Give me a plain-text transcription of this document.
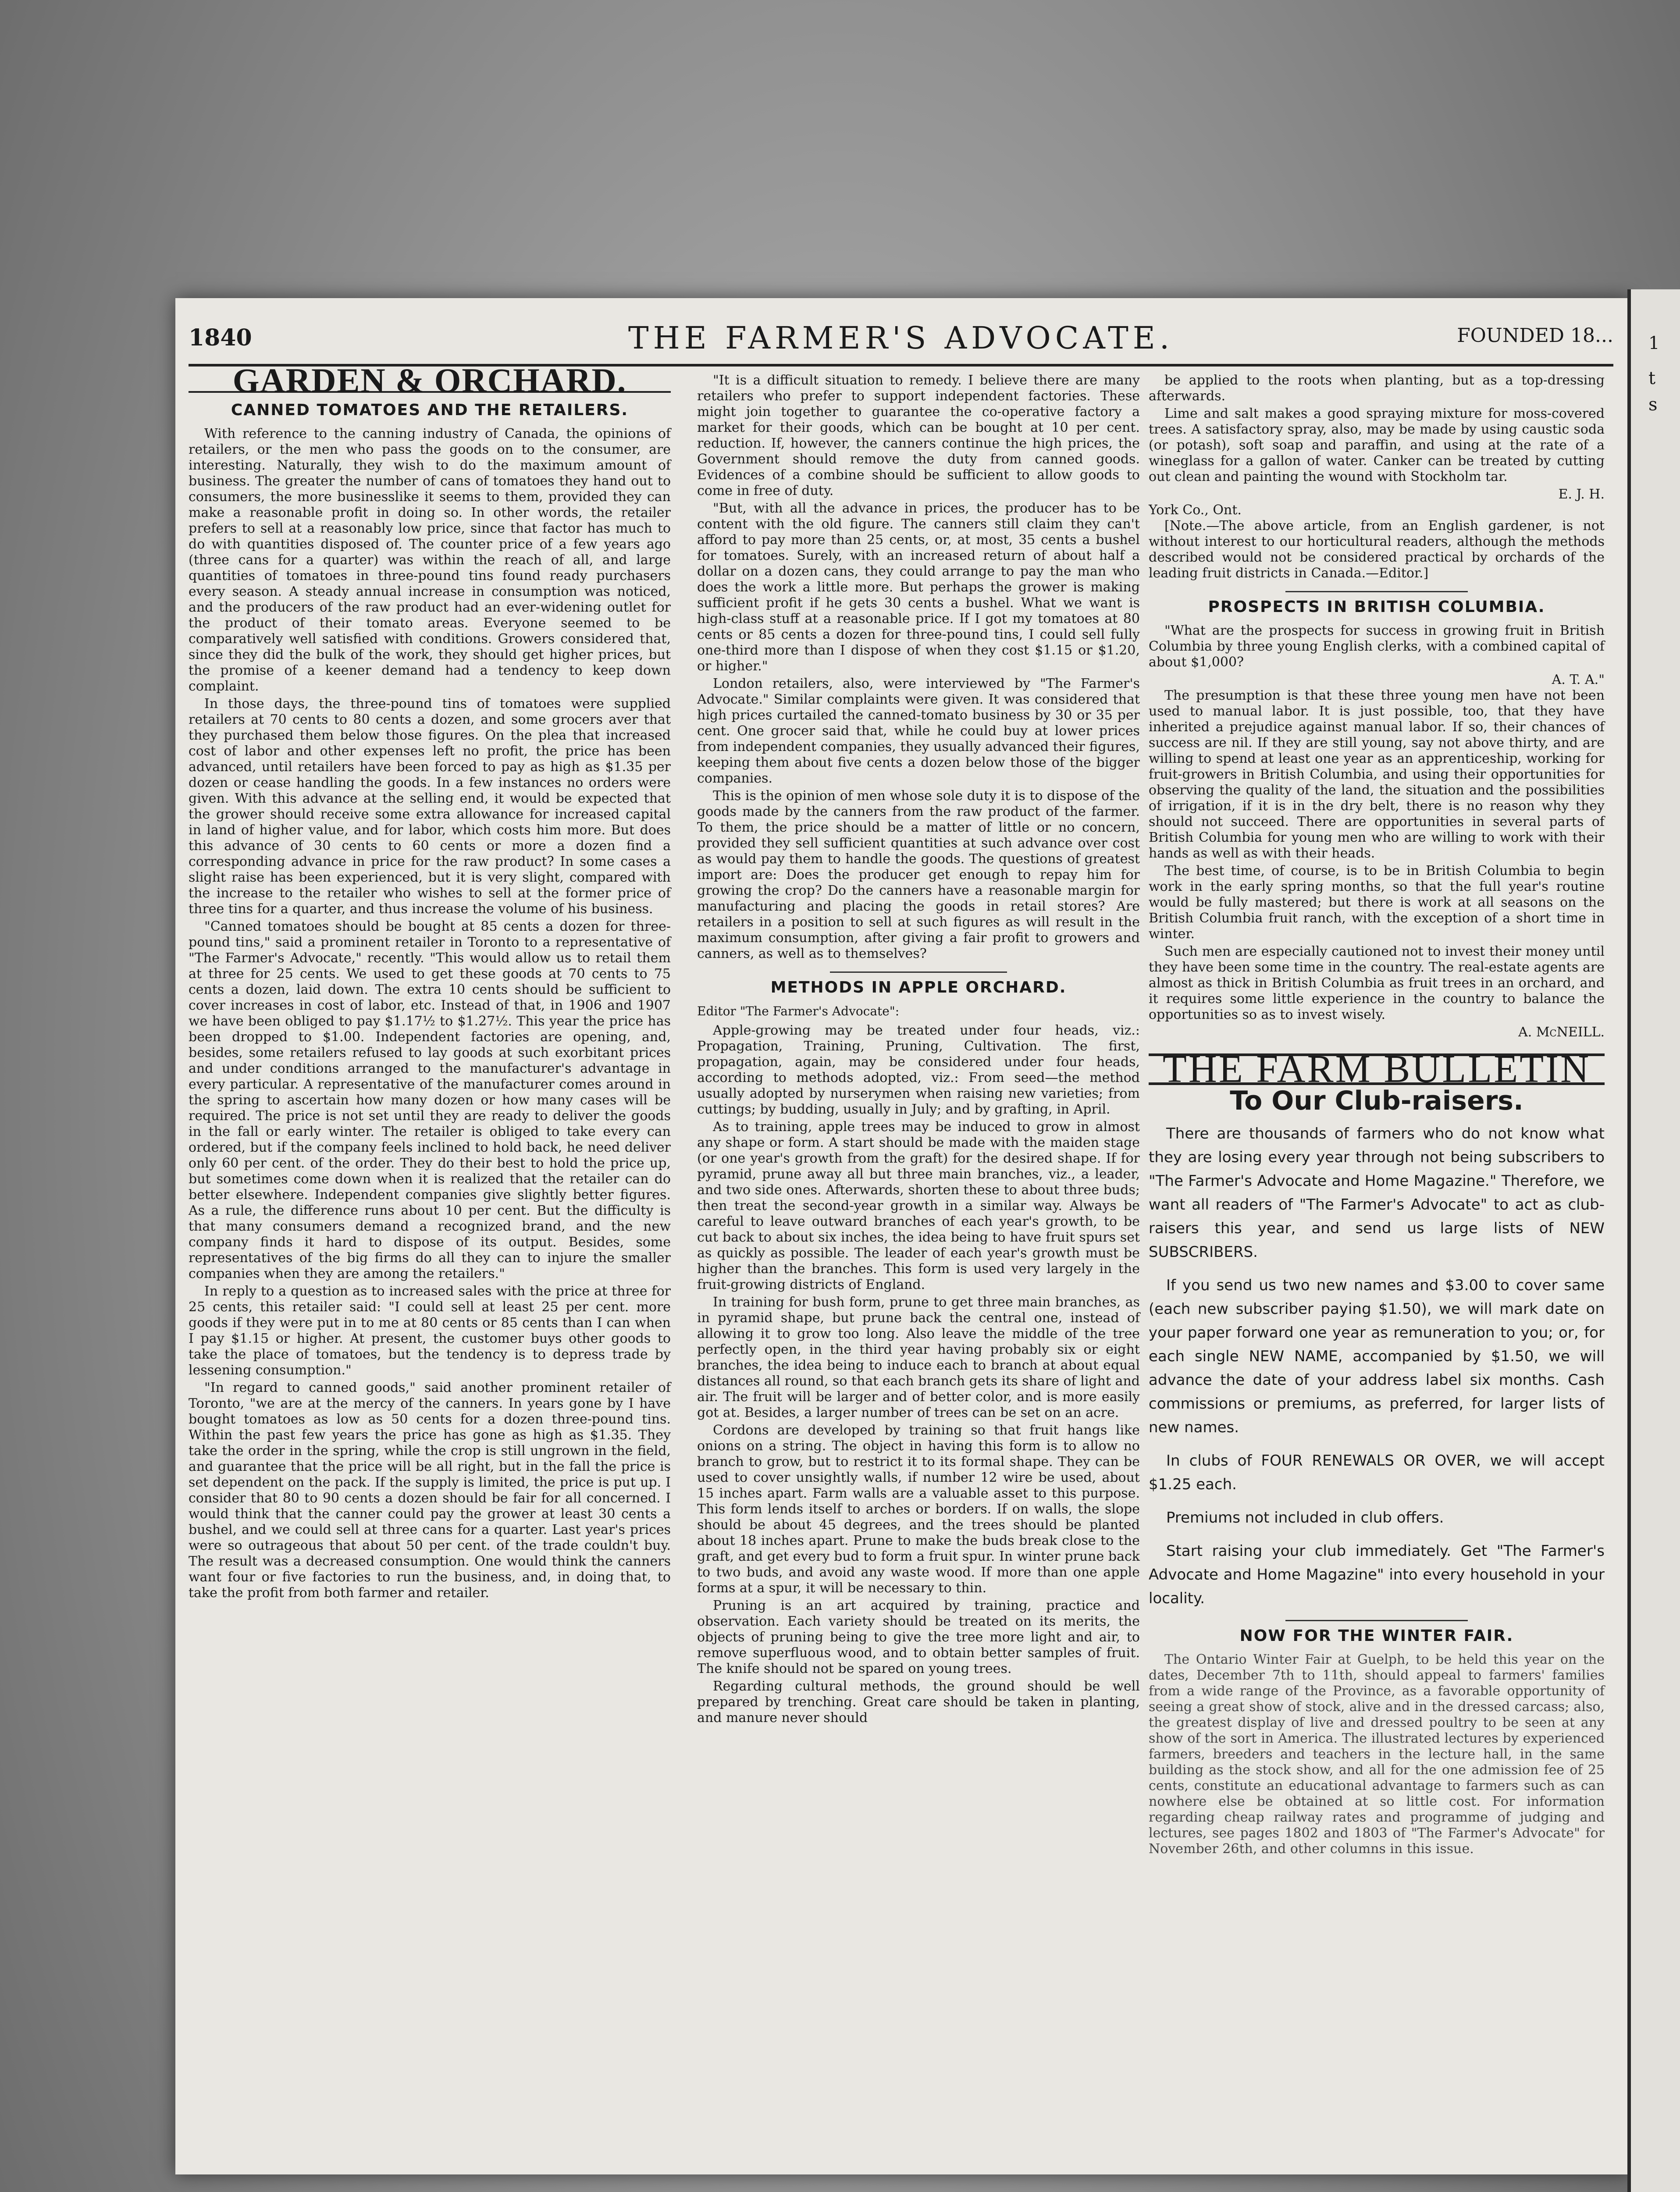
1
t
s
1840	THE FARMER'S ADVOCATE.	FOUNDED 18...
GARDEN & ORCHARD.
CANNED TOMATOES AND THE RETAILERS.

With reference to the canning industry of Canada, the opinions of retailers, or the men who pass the goods on to the consumer, are interesting. Naturally, they wish to do the maximum amount of business. The greater the number of cans of tomatoes they hand out to consumers, the more businesslike it seems to them, provided they can make a reasonable profit in doing so. In other words, the retailer prefers to sell at a reasonably low price, since that factor has much to do with quantities disposed of. The counter price of a few years ago (three cans for a quarter) was within the reach of all, and large quantities of tomatoes in three-pound tins found ready purchasers every season. A steady annual increase in consumption was noticed, and the producers of the raw product had an ever-widening outlet for the product of their tomato areas. Everyone seemed to be comparatively well satisfied with conditions. Growers considered that, since they did the bulk of the work, they should get higher prices, but the promise of a keener demand had a tendency to keep down complaint.

In those days, the three-pound tins of tomatoes were supplied retailers at 70 cents to 80 cents a dozen, and some grocers aver that they purchased them below those figures. On the plea that increased cost of labor and other expenses left no profit, the price has been advanced, until retailers have been forced to pay as high as $1.35 per dozen or cease handling the goods. In a few instances no orders were given. With this advance at the selling end, it would be expected that the grower should receive some extra allowance for increased capital in land of higher value, and for labor, which costs him more. But does this advance of 30 cents to 60 cents or more a dozen find a corresponding advance in price for the raw product? In some cases a slight raise has been experienced, but it is very slight, compared with the increase to the retailer who wishes to sell at the former price of three tins for a quarter, and thus increase the volume of his business.

"Canned tomatoes should be bought at 85 cents a dozen for three-pound tins," said a prominent retailer in Toronto to a representative of "The Farmer's Advocate," recently. "This would allow us to retail them at three for 25 cents. We used to get these goods at 70 cents to 75 cents a dozen, laid down. The extra 10 cents should be sufficient to cover increases in cost of labor, etc. Instead of that, in 1906 and 1907 we have been obliged to pay $1.17½ to $1.27½. This year the price has been dropped to $1.00. Independent factories are opening, and, besides, some retailers refused to lay goods at such exorbitant prices and under conditions arranged to the manufacturer's advantage in every particular. A representative of the manufacturer comes around in the spring to ascertain how many dozen or how many cases will be required. The price is not set until they are ready to deliver the goods in the fall or early winter. The retailer is obliged to take every can ordered, but if the company feels inclined to hold back, he need deliver only 60 per cent. of the order. They do their best to hold the price up, but sometimes come down when it is realized that the retailer can do better elsewhere. Independent companies give slightly better figures. As a rule, the difference runs about 10 per cent. But the difficulty is that many consumers demand a recognized brand, and the new company finds it hard to dispose of its output. Besides, some representatives of the big firms do all they can to injure the smaller companies when they are among the retailers."

In reply to a question as to increased sales with the price at three for 25 cents, this retailer said: "I could sell at least 25 per cent. more goods if they were put in to me at 80 cents or 85 cents than I can when I pay $1.15 or higher. At present, the customer buys other goods to take the place of tomatoes, but the tendency is to depress trade by lessening consumption."

"In regard to canned goods," said another prominent retailer of Toronto, "we are at the mercy of the canners. In years gone by I have bought tomatoes as low as 50 cents for a dozen three-pound tins. Within the past few years the price has gone as high as $1.35. They take the order in the spring, while the crop is still ungrown in the field, and guarantee that the price will be all right, but in the fall the price is set dependent on the pack. If the supply is limited, the price is put up. I consider that 80 to 90 cents a dozen should be fair for all concerned. I would think that the canner could pay the grower at least 30 cents a bushel, and we could sell at three cans for a quarter. Last year's prices were so outrageous that about 50 per cent. of the trade couldn't buy. The result was a decreased consumption. One would think the canners want four or five factories to run the business, and, in doing that, to take the profit from both farmer and retailer.

"It is a difficult situation to remedy. I believe there are many retailers who prefer to support independent factories. These might join together to guarantee the co-operative factory a market for their goods, which can be bought at 10 per cent. reduction. If, however, the canners continue the high prices, the Government should remove the duty from canned goods. Evidences of a combine should be sufficient to allow goods to come in free of duty.

"But, with all the advance in prices, the producer has to be content with the old figure. The canners still claim they can't afford to pay more than 25 cents, or, at most, 35 cents a bushel for tomatoes. Surely, with an increased return of about half a dollar on a dozen cans, they could arrange to pay the man who does the work a little more. But perhaps the grower is making sufficient profit if he gets 30 cents a bushel. What we want is high-class stuff at a reasonable price. If I got my tomatoes at 80 cents or 85 cents a dozen for three-pound tins, I could sell fully one-third more than I dispose of when they cost $1.15 or $1.20, or higher."

London retailers, also, were interviewed by "The Farmer's Advocate." Similar complaints were given. It was considered that high prices curtailed the canned-tomato business by 30 or 35 per cent. One grocer said that, while he could buy at lower prices from independent companies, they usually advanced their figures, keeping them about five cents a dozen below those of the bigger companies.

This is the opinion of men whose sole duty it is to dispose of the goods made by the canners from the raw product of the farmer. To them, the price should be a matter of little or no concern, provided they sell sufficient quantities at such advance over cost as would pay them to handle the goods. The questions of greatest import are: Does the producer get enough to repay him for growing the crop? Do the canners have a reasonable margin for manufacturing and placing the goods in retail stores? Are retailers in a position to sell at such figures as will result in the maximum consumption, after giving a fair profit to growers and canners, as well as to themselves?

METHODS IN APPLE ORCHARD.
Editor "The Farmer's Advocate":

Apple-growing may be treated under four heads, viz.: Propagation, Training, Pruning, Cultivation. The first, propagation, again, may be considered under four heads, according to methods adopted, viz.: From seed—the method usually adopted by nurserymen when raising new varieties; from cuttings; by budding, usually in July; and by grafting, in April.

As to training, apple trees may be induced to grow in almost any shape or form. A start should be made with the maiden stage (or one year's growth from the graft) for the desired shape. If for pyramid, prune away all but three main branches, viz., a leader, and two side ones. Afterwards, shorten these to about three buds; then treat the second-year growth in a similar way. Always be careful to leave outward branches of each year's growth, to be cut back to about six inches, the idea being to have fruit spurs set as quickly as possible. The leader of each year's growth must be higher than the branches. This form is used very largely in the fruit-growing districts of England.

In training for bush form, prune to get three main branches, as in pyramid shape, but prune back the central one, instead of allowing it to grow too long. Also leave the middle of the tree perfectly open, in the third year having probably six or eight branches, the idea being to induce each to branch at about equal distances all round, so that each branch gets its share of light and air. The fruit will be larger and of better color, and is more easily got at. Besides, a larger number of trees can be set on an acre.

Cordons are developed by training so that fruit hangs like onions on a string. The object in having this form is to allow no branch to grow, but to restrict it to its formal shape. They can be used to cover unsightly walls, if number 12 wire be used, about 15 inches apart. Farm walls are a valuable asset to this purpose. This form lends itself to arches or borders. If on walls, the slope should be about 45 degrees, and the trees should be planted about 18 inches apart. Prune to make the buds break close to the graft, and get every bud to form a fruit spur. In winter prune back to two buds, and avoid any waste wood. If more than one apple forms at a spur, it will be necessary to thin.

Pruning is an art acquired by training, practice and observation. Each variety should be treated on its merits, the objects of pruning being to give the tree more light and air, to remove superfluous wood, and to obtain better samples of fruit. The knife should not be spared on young trees.

Regarding cultural methods, the ground should be well prepared by trenching. Great care should be taken in planting, and manure never should

be applied to the roots when planting, but as a top-dressing afterwards.

Lime and salt makes a good spraying mixture for moss-covered trees. A satisfactory spray, also, may be made by using caustic soda (or potash), soft soap and paraffin, and using at the rate of a wineglass for a gallon of water. Canker can be treated by cutting out clean and painting the wound with Stockholm tar.

E. J. H.
York Co., Ont.

[Note.—The above article, from an English gardener, is not without interest to our horticultural readers, although the methods described would not be considered practical by orchards of the leading fruit districts in Canada.—Editor.]

PROSPECTS IN BRITISH COLUMBIA.

"What are the prospects for success in growing fruit in British Columbia by three young English clerks, with a combined capital of about $1,000?

A. T. A."

The presumption is that these three young men have not been used to manual labor. It is just possible, too, that they have inherited a prejudice against manual labor. If so, their chances of success are nil. If they are still young, say not above thirty, and are willing to spend at least one year as an apprenticeship, working for fruit-growers in British Columbia, and using their opportunities for observing the quality of the land, the situation and the possibilities of irrigation, if it is in the dry belt, there is no reason why they should not succeed. There are opportunities in several parts of British Columbia for young men who are willing to work with their hands as well as with their heads.

The best time, of course, is to be in British Columbia to begin work in the early spring months, so that the full year's routine would be fully mastered; but there is work at all seasons on the British Columbia fruit ranch, with the exception of a short time in winter.

Such men are especially cautioned not to invest their money until they have been some time in the country. The real-estate agents are almost as thick in British Columbia as fruit trees in an orchard, and it requires some little experience in the country to balance the opportunities so as to invest wisely.

A. McNEILL.
THE FARM BULLETIN
To Our Club-raisers.

There are thousands of farmers who do not know what they are losing every year through not being subscribers to "The Farmer's Advocate and Home Magazine." Therefore, we want all readers of "The Farmer's Advocate" to act as club-raisers this year, and send us large lists of NEW SUBSCRIBERS.

If you send us two new names and $3.00 to cover same (each new subscriber paying $1.50), we will mark date on your paper forward one year as remuneration to you; or, for each single NEW NAME, accompanied by $1.50, we will advance the date of your address label six months. Cash commissions or premiums, as preferred, for larger lists of new names.

In clubs of FOUR RENEWALS OR OVER, we will accept $1.25 each.

Premiums not included in club offers.

Start raising your club immediately. Get "The Farmer's Advocate and Home Magazine" into every household in your locality.

NOW FOR THE WINTER FAIR.

The Ontario Winter Fair at Guelph, to be held this year on the dates, December 7th to 11th, should appeal to farmers' families from a wide range of the Province, as a favorable opportunity of seeing a great show of stock, alive and in the dressed carcass; also, the greatest display of live and dressed poultry to be seen at any show of the sort in America. The illustrated lectures by experienced farmers, breeders and teachers in the lecture hall, in the same building as the stock show, and all for the one admission fee of 25 cents, constitute an educational advantage to farmers such as can nowhere else be obtained at so little cost. For information regarding cheap railway rates and programme of judging and lectures, see pages 1802 and 1803 of "The Farmer's Advocate" for November 26th, and other columns in this issue.
